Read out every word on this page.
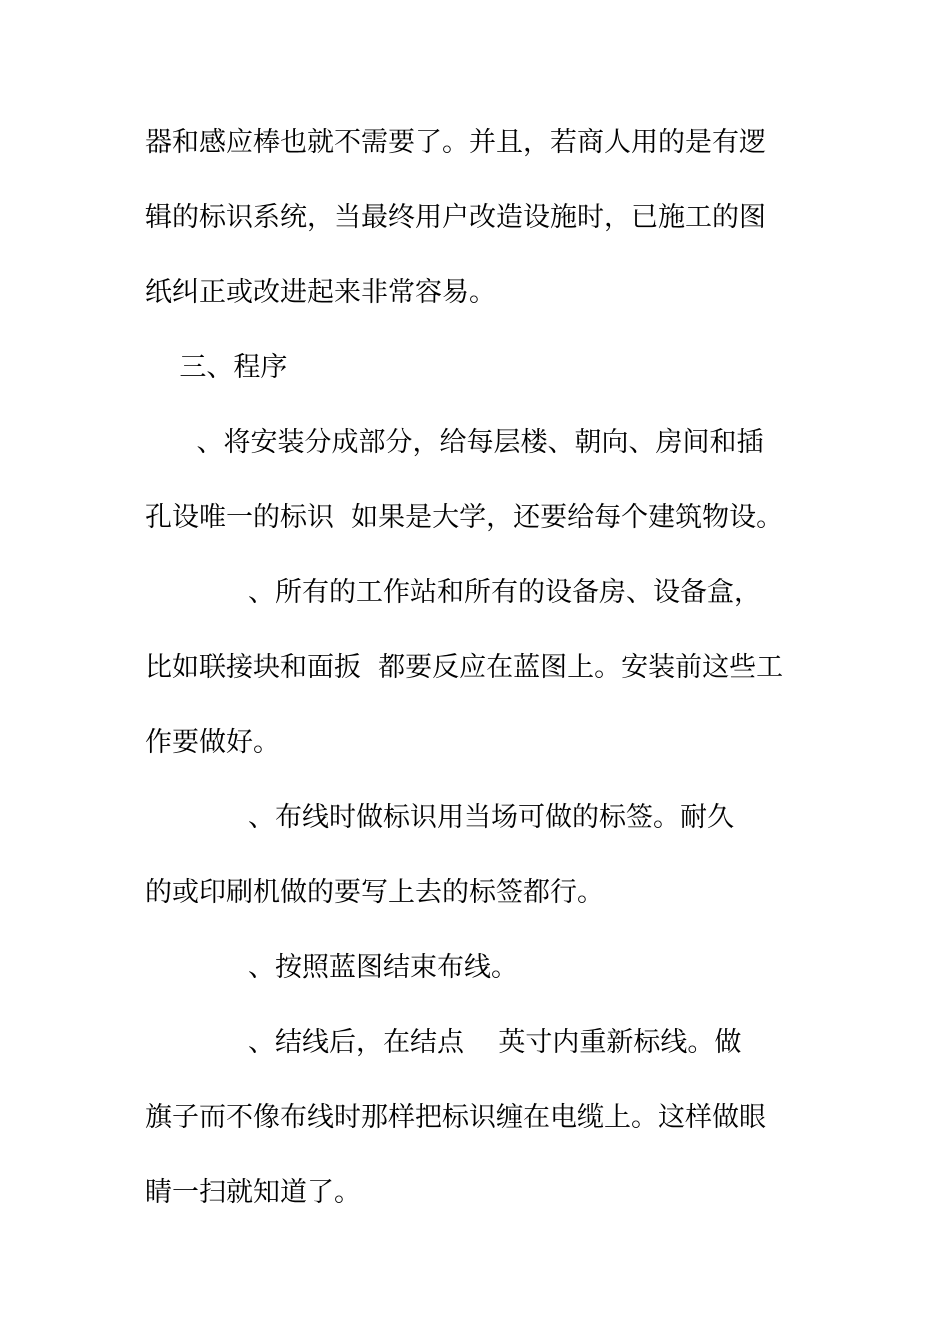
器和感应棒也就不需要了。并且，若商人用的是有逻
辑的标识系统，当最终用户改造设施时，已施工的图
纸纠正或改进起来非常容易。
三、程序
、将安装分成部分，给每层楼、朝向、房间和插
孔设唯一的标识  如果是大学，还要给每个建筑物设。
、所有的工作站和所有的设备房、设备盒，
比如联接块和面扳  都要反应在蓝图上。安装前这些工
作要做好。
、布线时做标识用当场可做的标签。耐久
的或印刷机做的要写上去的标签都行。
、按照蓝图结束布线。
、结线后，在结点    英寸内重新标线。做
旗子而不像布线时那样把标识缠在电缆上。这样做眼
睛一扫就知道了。
